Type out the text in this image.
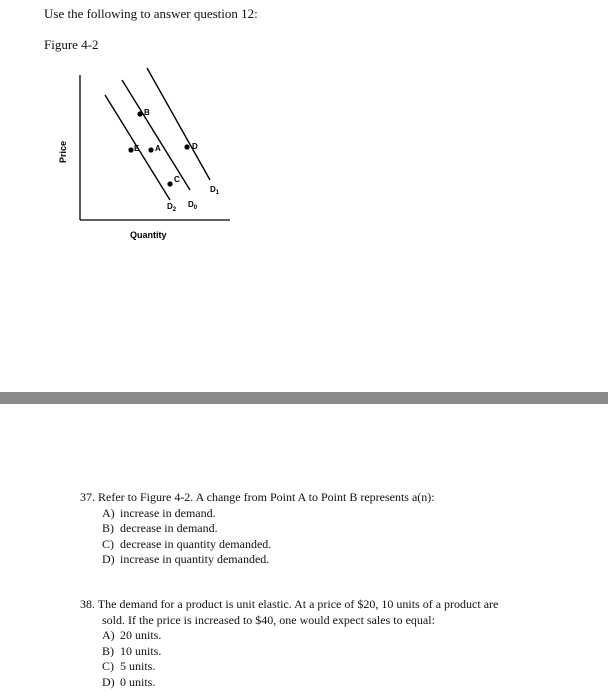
Use the following to answer question 12:
Figure 4-2
Price
Quantity
B
E A	D
C
$D_2$
$D_0$
$D_1$
37. Refer to Figure 4-2. A change from Point A to Point B represents a(n):
A) increase in demand.
B) decrease in demand.
C) decrease in quantity demanded.
D) increase in quantity demanded.
38. The demand for a product is unit elastic. At a price of $20, 10 units of a product are
sold. If the price is increased to $40, one would expect sales to equal:
A) 20 units.
B) 10 units.
C) 5 units.
D) 0 units.
